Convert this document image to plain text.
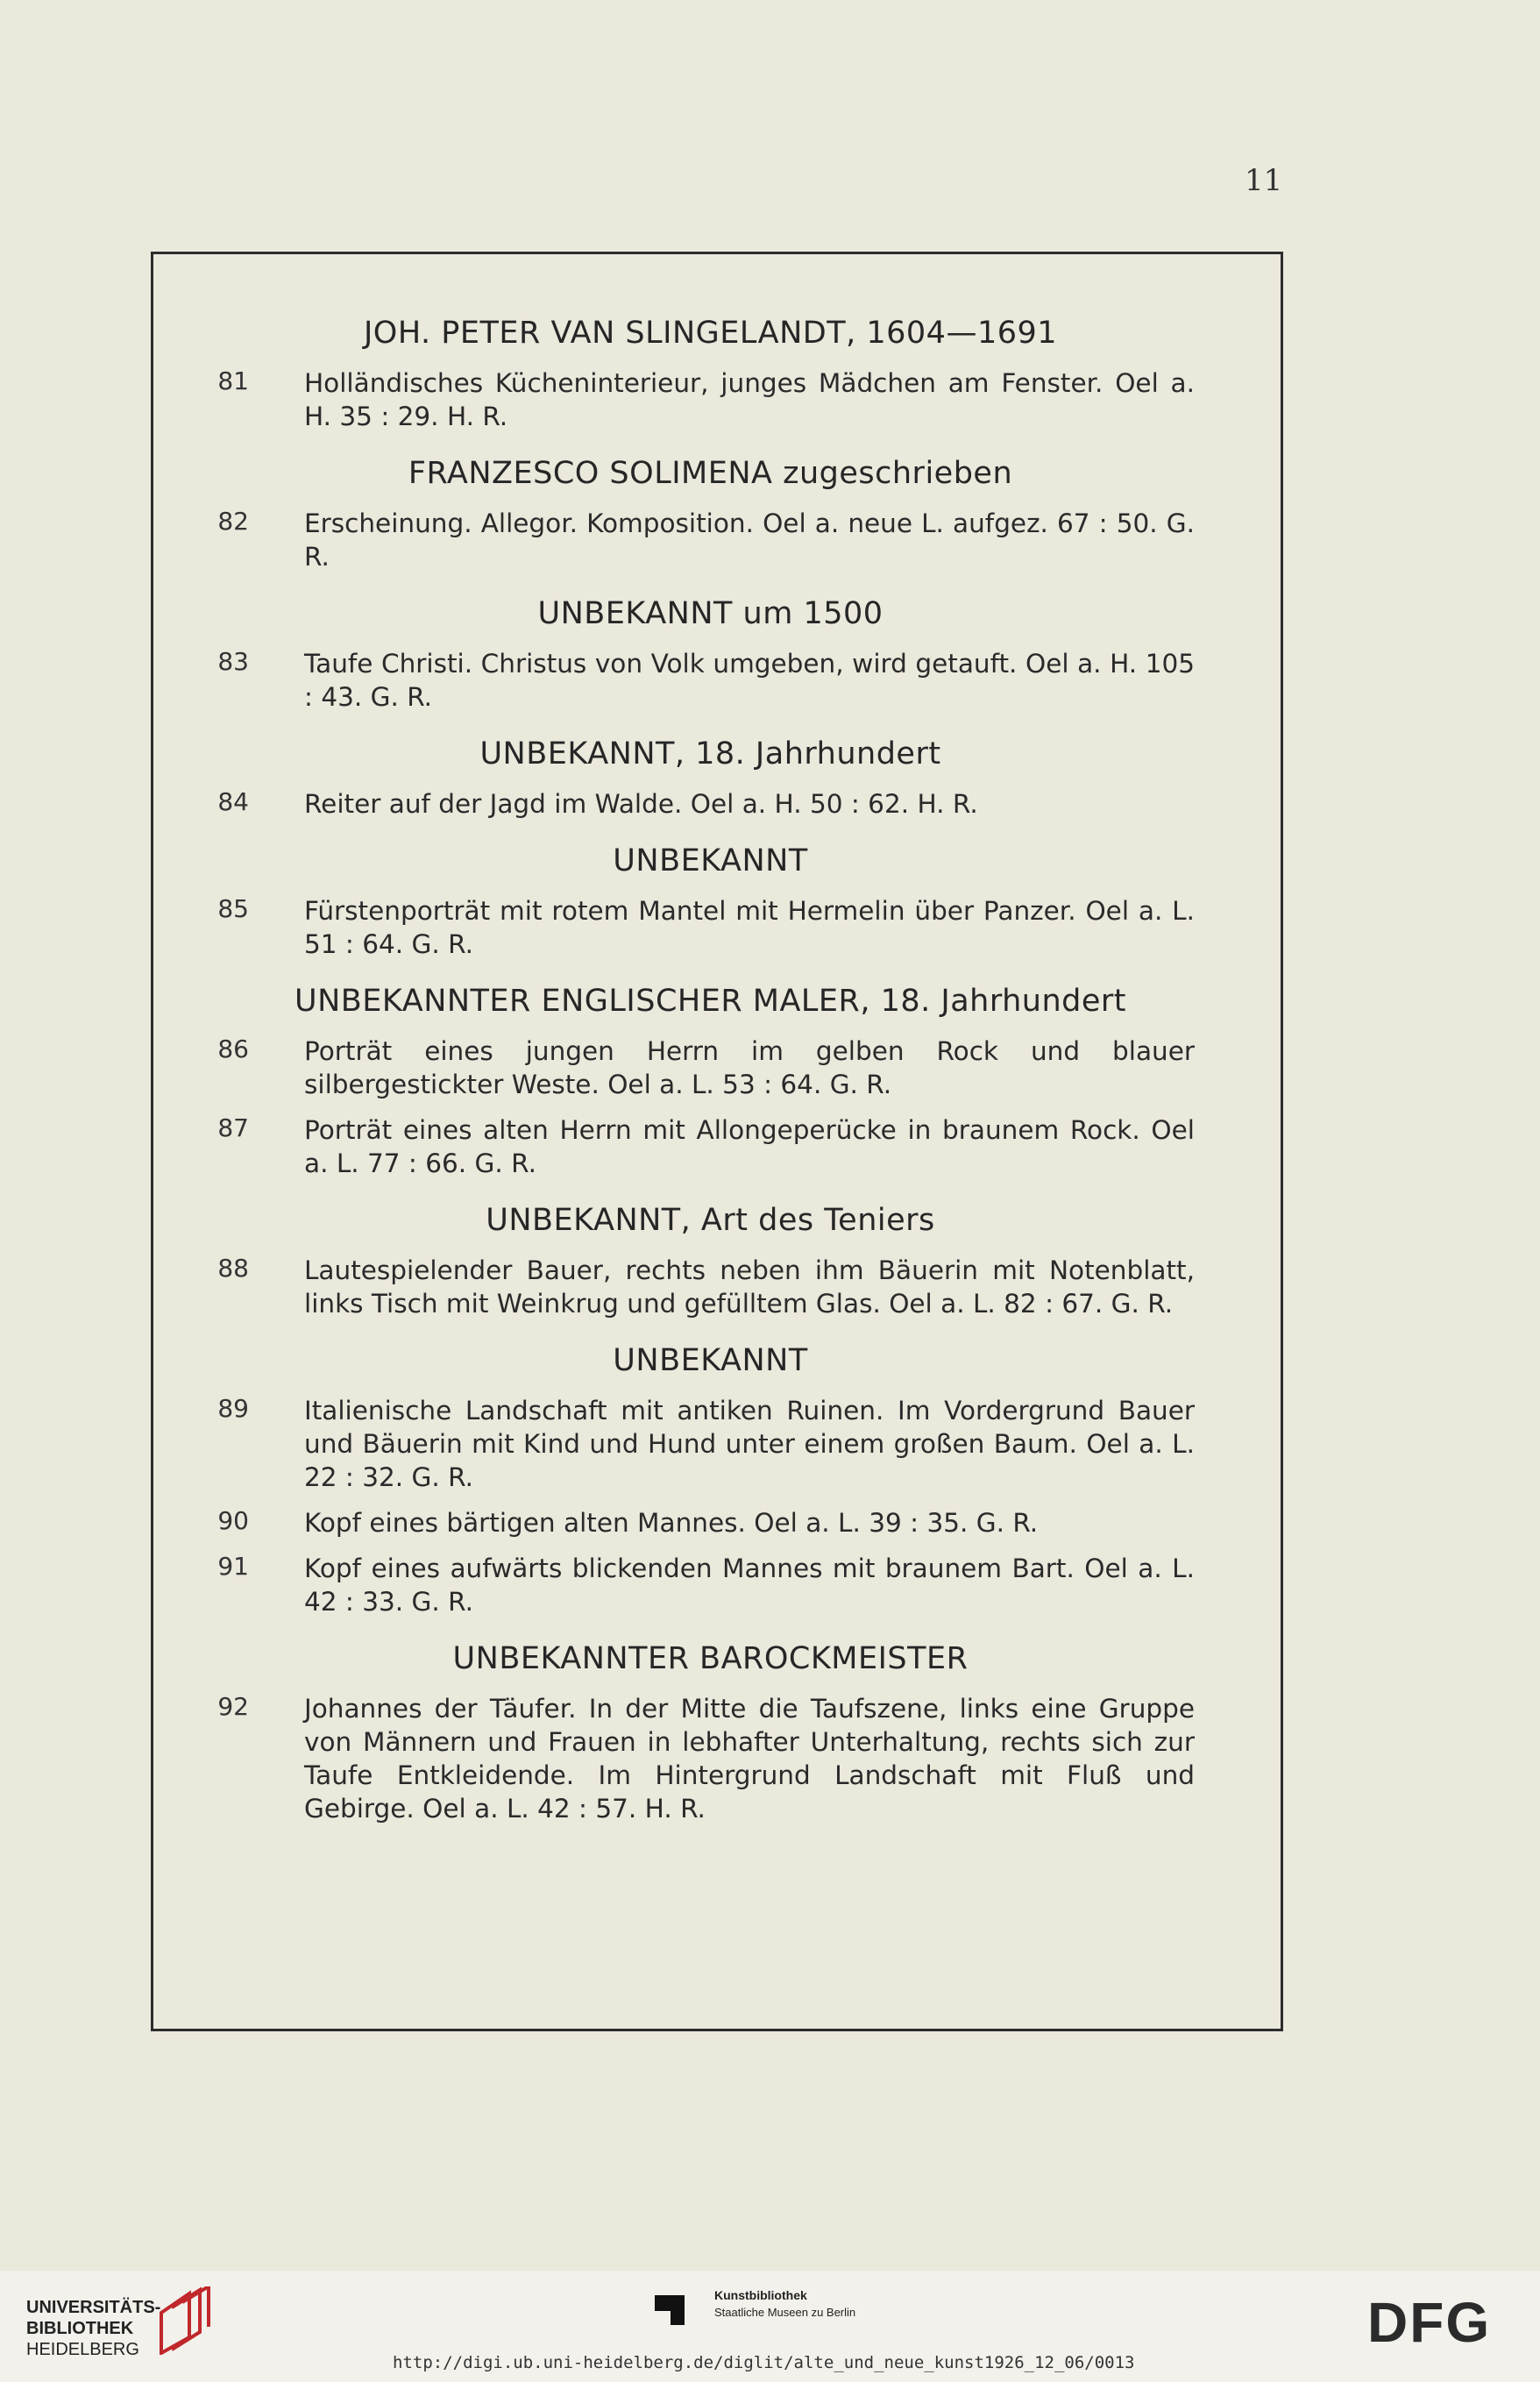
11
JOH. PETER VAN SLINGELANDT, 1604—1691
81 Holländisches Kücheninterieur, junges Mädchen am Fenster. Oel a. H. 35 : 29. H. R.
FRANZESCO SOLIMENA zugeschrieben
82 Erscheinung. Allegor. Komposition. Oel a. neue L. aufgez. 67 : 50. G. R.
UNBEKANNT um 1500
83 Taufe Christi. Christus von Volk umgeben, wird getauft. Oel a. H. 105 : 43. G. R.
UNBEKANNT, 18. Jahrhundert
84 Reiter auf der Jagd im Walde. Oel a. H. 50 : 62. H. R.
UNBEKANNT
85 Fürstenporträt mit rotem Mantel mit Hermelin über Panzer. Oel a. L. 51 : 64. G. R.
UNBEKANNTER ENGLISCHER MALER, 18. Jahrhundert
86 Porträt eines jungen Herrn im gelben Rock und blauer silbergestickter Weste. Oel a. L. 53 : 64. G. R.
87 Porträt eines alten Herrn mit Allongeperücke in braunem Rock. Oel a. L. 77 : 66. G. R.
UNBEKANNT, Art des Teniers
88 Lautespielender Bauer, rechts neben ihm Bäuerin mit Notenblatt, links Tisch mit Weinkrug und gefülltem Glas. Oel a. L. 82 : 67. G. R.
UNBEKANNT
89 Italienische Landschaft mit antiken Ruinen. Im Vordergrund Bauer und Bäuerin mit Kind und Hund unter einem großen Baum. Oel a. L. 22 : 32. G. R.
90 Kopf eines bärtigen alten Mannes. Oel a. L. 39 : 35. G. R.
91 Kopf eines aufwärts blickenden Mannes mit braunem Bart. Oel a. L. 42 : 33. G. R.
UNBEKANNTER BAROCKMEISTER
92 Johannes der Täufer. In der Mitte die Taufszene, links eine Gruppe von Männern und Frauen in lebhafter Unterhaltung, rechts sich zur Taufe Entkleidende. Im Hintergrund Landschaft mit Fluß und Gebirge. Oel a. L. 42 : 57. H. R.
UNIVERSITÄTS-
BIBLIOTHEK
HEIDELBERG
Kunstbibliothek
Staatliche Museen zu Berlin	DFG
http://digi.ub.uni-heidelberg.de/diglit/alte_und_neue_kunst1926_12_06/0013
